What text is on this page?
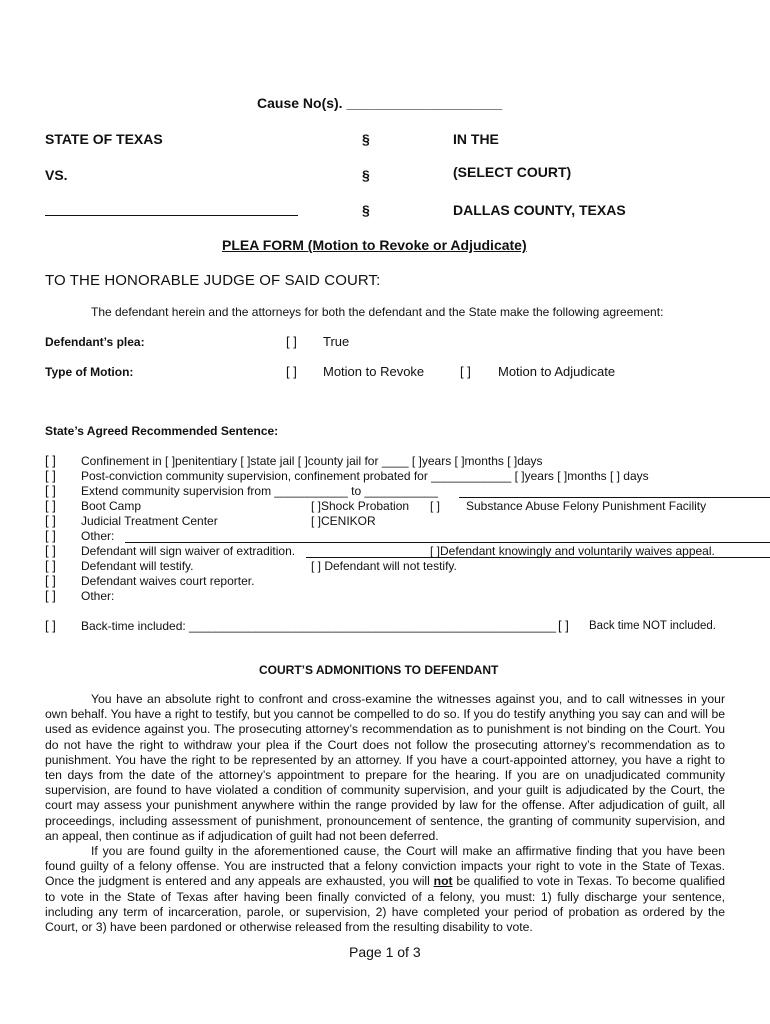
Cause No(s). ____________________
STATE OF TEXAS	§	IN THE
VS.	§	(SELECT COURT)
§	DALLAS COUNTY, TEXAS
PLEA FORM (Motion to Revoke or Adjudicate)
TO THE HONORABLE JUDGE OF SAID COURT:
The defendant herein and the attorneys for both the defendant and the State make the following agreement:
Defendant’s plea:	[ ] True
Type of Motion:	[ ] Motion to Revoke	[ ] Motion to Adjudicate
State’s Agreed Recommended Sentence:
[ ] Confinement in [ ]penitentiary [ ]state jail [ ]county jail for ____ [ ]years [ ]months [ ]days
[ ] Post-conviction community supervision, confinement probated for ____________ [ ]years [ ]months [ ] days
[ ] Extend community supervision from ___________ to ___________
[ ] Boot Camp	[ ]Shock Probation [ ] Substance Abuse Felony Punishment Facility
[ ] Judicial Treatment Center	[ ]CENIKOR
[ ] Other:
[ ] Defendant will sign waiver of extradition.	[ ]Defendant knowingly and voluntarily waives appeal.
[ ] Defendant will testify.	[ ] Defendant will not testify.
[ ] Defendant waives court reporter.
[ ] Other:
[ ] Back-time included: _______________________________________________________ [ ] Back time NOT included.
COURT’S ADMONITIONS TO DEFENDANT

You have an absolute right to confront and cross-examine the witnesses against you, and to call witnesses in your own behalf. You have a right to testify, but you cannot be compelled to do so. If you do testify anything you say can and will be used as evidence against you. The prosecuting attorney’s recommendation as to punishment is not binding on the Court. You do not have the right to withdraw your plea if the Court does not follow the prosecuting attorney’s recommendation as to punishment. You have the right to be represented by an attorney. If you have a court-appointed attorney, you have a right to ten days from the date of the attorney’s appointment to prepare for the hearing. If you are on unadjudicated community supervision, are found to have violated a condition of community supervision, and your guilt is adjudicated by the Court, the court may assess your punishment anywhere within the range provided by law for the offense. After adjudication of guilt, all proceedings, including assessment of punishment, pronouncement of sentence, the granting of community supervision, and an appeal, then continue as if adjudication of guilt had not been deferred.

If you are found guilty in the aforementioned cause, the Court will make an affirmative finding that you have been found guilty of a felony offense. You are instructed that a felony conviction impacts your right to vote in the State of Texas. Once the judgment is entered and any appeals are exhausted, you will not be qualified to vote in Texas. To become qualified to vote in the State of Texas after having been finally convicted of a felony, you must: 1) fully discharge your sentence, including any term of incarceration, parole, or supervision, 2) have completed your period of probation as ordered by the Court, or 3) have been pardoned or otherwise released from the resulting disability to vote.

Page 1 of 3
